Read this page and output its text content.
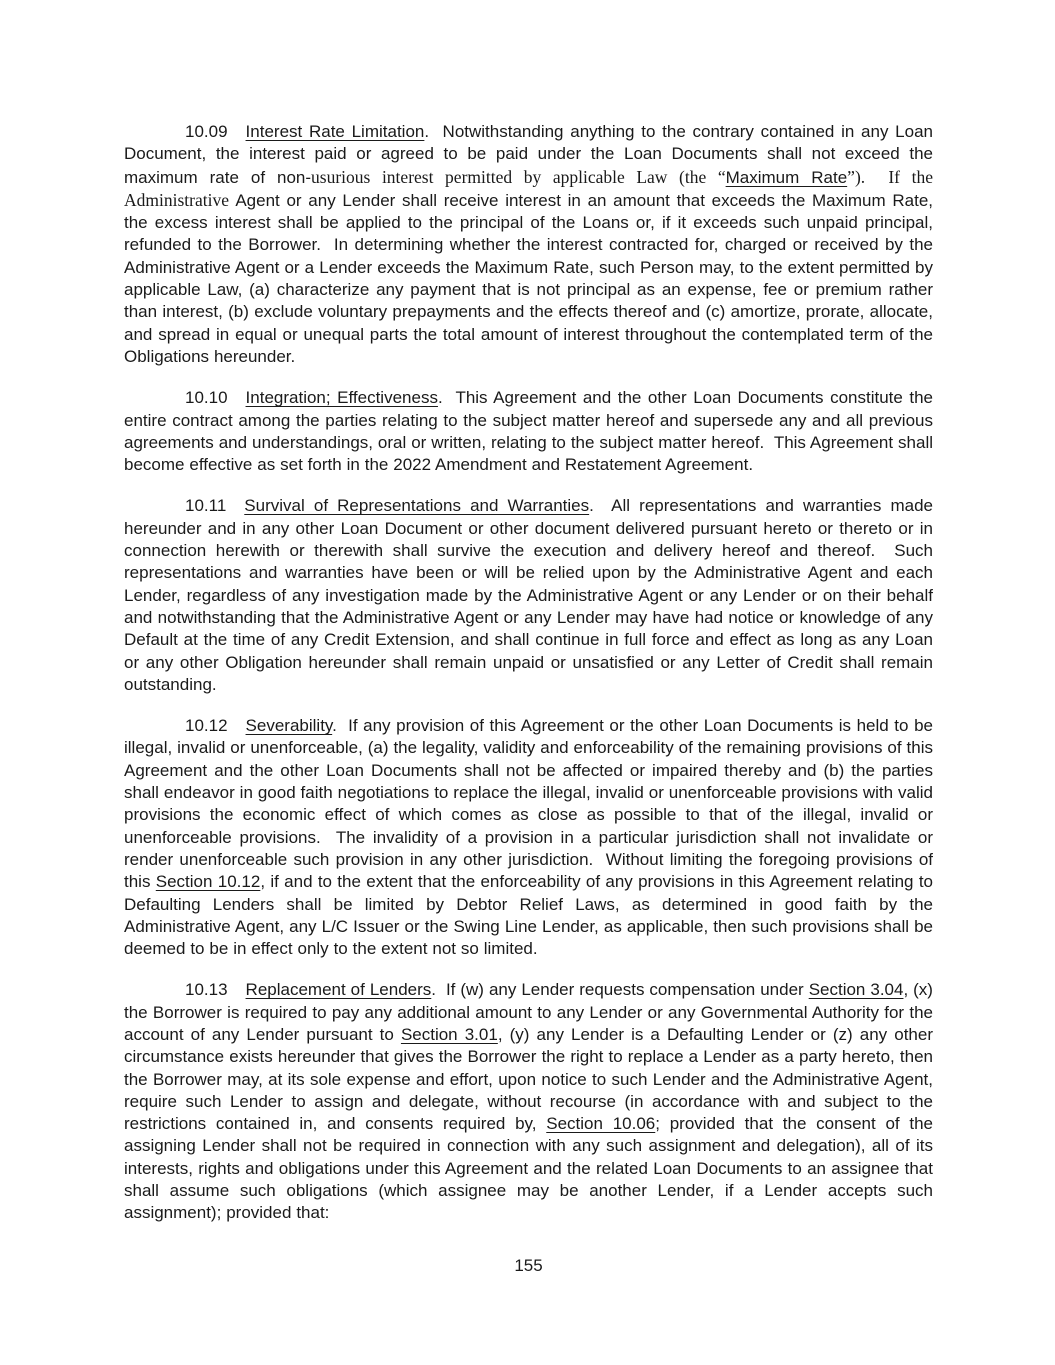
10.09 Interest Rate Limitation.  Notwithstanding anything to the contrary contained in any Loan Document, the interest paid or agreed to be paid under the Loan Documents shall not exceed the maximum rate of non-usurious interest permitted by applicable Law (the “Maximum Rate”).  If the Administrative Agent or any Lender shall receive interest in an amount that exceeds the Maximum Rate, the excess interest shall be applied to the principal of the Loans or, if it exceeds such unpaid principal, refunded to the Borrower.  In determining whether the interest contracted for, charged or received by the Administrative Agent or a Lender exceeds the Maximum Rate, such Person may, to the extent permitted by applicable Law, (a) characterize any payment that is not principal as an expense, fee or premium rather than interest, (b) exclude voluntary prepayments and the effects thereof and (c) amortize, prorate, allocate, and spread in equal or unequal parts the total amount of interest throughout the contemplated term of the Obligations hereunder.

10.10 Integration; Effectiveness.  This Agreement and the other Loan Documents constitute the entire contract among the parties relating to the subject matter hereof and supersede any and all previous agreements and understandings, oral or written, relating to the subject matter hereof.  This Agreement shall become effective as set forth in the 2022 Amendment and Restatement Agreement.

10.11 Survival of Representations and Warranties.  All representations and warranties made hereunder and in any other Loan Document or other document delivered pursuant hereto or thereto or in connection herewith or therewith shall survive the execution and delivery hereof and thereof.  Such representations and warranties have been or will be relied upon by the Administrative Agent and each Lender, regardless of any investigation made by the Administrative Agent or any Lender or on their behalf and notwithstanding that the Administrative Agent or any Lender may have had notice or knowledge of any Default at the time of any Credit Extension, and shall continue in full force and effect as long as any Loan or any other Obligation hereunder shall remain unpaid or unsatisfied or any Letter of Credit shall remain outstanding.

10.12 Severability.  If any provision of this Agreement or the other Loan Documents is held to be illegal, invalid or unenforceable, (a) the legality, validity and enforceability of the remaining provisions of this Agreement and the other Loan Documents shall not be affected or impaired thereby and (b) the parties shall endeavor in good faith negotiations to replace the illegal, invalid or unenforceable provisions with valid provisions the economic effect of which comes as close as possible to that of the illegal, invalid or unenforceable provisions.  The invalidity of a provision in a particular jurisdiction shall not invalidate or render unenforceable such provision in any other jurisdiction.  Without limiting the foregoing provisions of this Section 10.12, if and to the extent that the enforceability of any provisions in this Agreement relating to Defaulting Lenders shall be limited by Debtor Relief Laws, as determined in good faith by the Administrative Agent, any L/C Issuer or the Swing Line Lender, as applicable, then such provisions shall be deemed to be in effect only to the extent not so limited.

10.13 Replacement of Lenders.  If (w) any Lender requests compensation under Section 3.04, (x) the Borrower is required to pay any additional amount to any Lender or any Governmental Authority for the account of any Lender pursuant to Section 3.01, (y) any Lender is a Defaulting Lender or (z) any other circumstance exists hereunder that gives the Borrower the right to replace a Lender as a party hereto, then the Borrower may, at its sole expense and effort, upon notice to such Lender and the Administrative Agent, require such Lender to assign and delegate, without recourse (in accordance with and subject to the restrictions contained in, and consents required by, Section 10.06; provided that the consent of the assigning Lender shall not be required in connection with any such assignment and delegation), all of its interests, rights and obligations under this Agreement and the related Loan Documents to an assignee that shall assume such obligations (which assignee may be another Lender, if a Lender accepts such assignment); provided that:

155
